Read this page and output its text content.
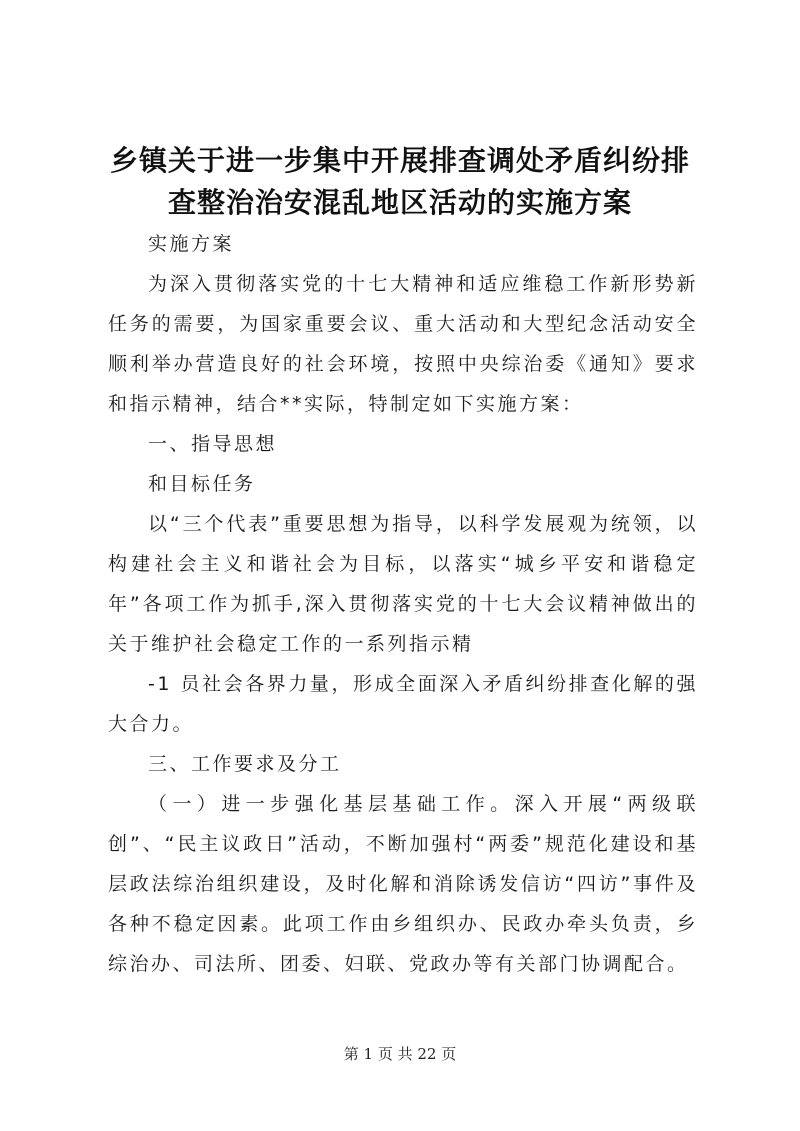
乡镇关于进一步集中开展排查调处矛盾纠纷排
查整治治安混乱地区活动的实施方案

实施方案

为深入贯彻落实党的十七大精神和适应维稳工作新形势新任务的需要，为国家重要会议、重大活动和大型纪念活动安全顺利举办营造良好的社会环境，按照中央综治委《通知》要求和指示精神，结合**实际，特制定如下实施方案：

一、指导思想

和目标任务

以“三个代表”重要思想为指导，以科学发展观为统领，以构建社会主义和谐社会为目标，以落实“城乡平安和谐稳定年”各项工作为抓手,深入贯彻落实党的十七大会议精神做出的关于维护社会稳定工作的一系列指示精

-1 员社会各界力量，形成全面深入矛盾纠纷排查化解的强大合力。

三、工作要求及分工

（一）进一步强化基层基础工作。深入开展“两级联创”、“民主议政日”活动，不断加强村“两委”规范化建设和基层政法综治组织建设，及时化解和消除诱发信访“四访”事件及各种不稳定因素。此项工作由乡组织办、民政办牵头负责，乡综治办、司法所、团委、妇联、党政办等有关部门协调配合。

第 1 页 共 22 页
